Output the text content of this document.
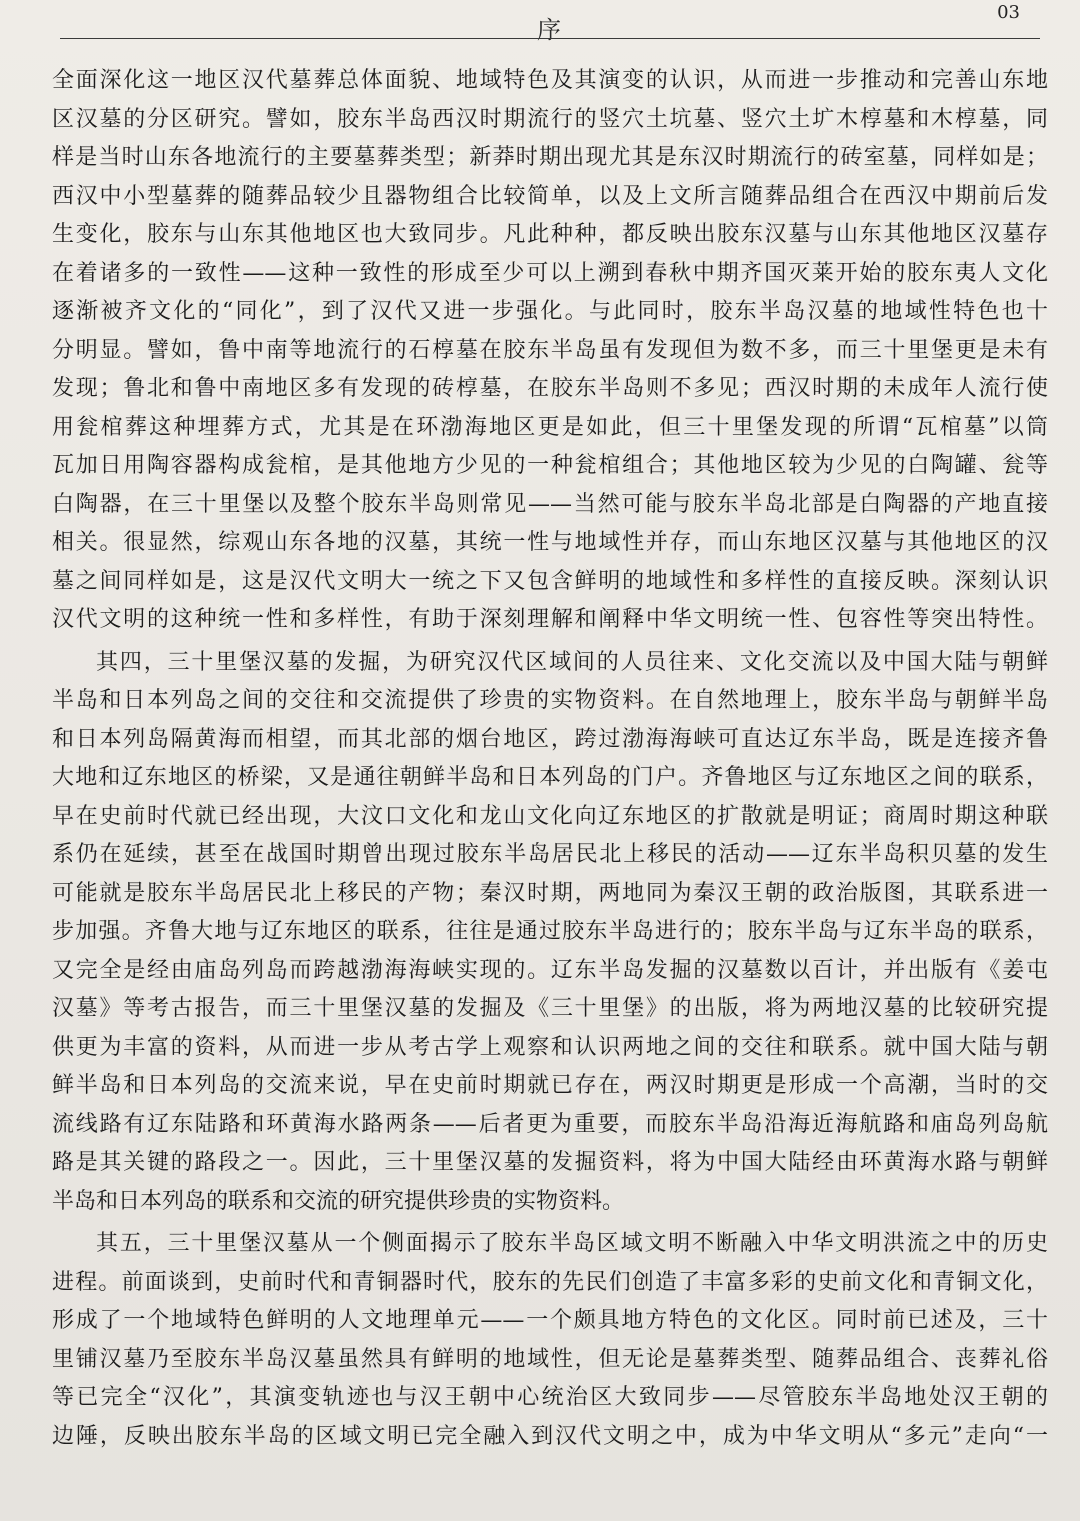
序
03
全面深化这一地区汉代墓葬总体面貌、地域特色及其演变的认识，从而进一步推动和完善山东地
区汉墓的分区研究。譬如，胶东半岛西汉时期流行的竖穴土坑墓、竖穴土圹木椁墓和木椁墓，同
样是当时山东各地流行的主要墓葬类型；新莽时期出现尤其是东汉时期流行的砖室墓，同样如是；
西汉中小型墓葬的随葬品较少且器物组合比较简单，以及上文所言随葬品组合在西汉中期前后发
生变化，胶东与山东其他地区也大致同步。凡此种种，都反映出胶东汉墓与山东其他地区汉墓存
在着诸多的一致性——这种一致性的形成至少可以上溯到春秋中期齐国灭莱开始的胶东夷人文化
逐渐被齐文化的“同化”，到了汉代又进一步强化。与此同时，胶东半岛汉墓的地域性特色也十
分明显。譬如，鲁中南等地流行的石椁墓在胶东半岛虽有发现但为数不多，而三十里堡更是未有
发现；鲁北和鲁中南地区多有发现的砖椁墓，在胶东半岛则不多见；西汉时期的未成年人流行使
用瓮棺葬这种埋葬方式，尤其是在环渤海地区更是如此，但三十里堡发现的所谓“瓦棺墓”以筒
瓦加日用陶容器构成瓮棺，是其他地方少见的一种瓮棺组合；其他地区较为少见的白陶罐、瓮等
白陶器，在三十里堡以及整个胶东半岛则常见——当然可能与胶东半岛北部是白陶器的产地直接
相关。很显然，综观山东各地的汉墓，其统一性与地域性并存，而山东地区汉墓与其他地区的汉
墓之间同样如是，这是汉代文明大一统之下又包含鲜明的地域性和多样性的直接反映。深刻认识
汉代文明的这种统一性和多样性，有助于深刻理解和阐释中华文明统一性、包容性等突出特性。
其四，三十里堡汉墓的发掘，为研究汉代区域间的人员往来、文化交流以及中国大陆与朝鲜
半岛和日本列岛之间的交往和交流提供了珍贵的实物资料。在自然地理上，胶东半岛与朝鲜半岛
和日本列岛隔黄海而相望，而其北部的烟台地区，跨过渤海海峡可直达辽东半岛，既是连接齐鲁
大地和辽东地区的桥梁，又是通往朝鲜半岛和日本列岛的门户。齐鲁地区与辽东地区之间的联系，
早在史前时代就已经出现，大汶口文化和龙山文化向辽东地区的扩散就是明证；商周时期这种联
系仍在延续，甚至在战国时期曾出现过胶东半岛居民北上移民的活动——辽东半岛积贝墓的发生
可能就是胶东半岛居民北上移民的产物；秦汉时期，两地同为秦汉王朝的政治版图，其联系进一
步加强。齐鲁大地与辽东地区的联系，往往是通过胶东半岛进行的；胶东半岛与辽东半岛的联系，
又完全是经由庙岛列岛而跨越渤海海峡实现的。辽东半岛发掘的汉墓数以百计，并出版有《姜屯
汉墓》等考古报告，而三十里堡汉墓的发掘及《三十里堡》的出版，将为两地汉墓的比较研究提
供更为丰富的资料，从而进一步从考古学上观察和认识两地之间的交往和联系。就中国大陆与朝
鲜半岛和日本列岛的交流来说，早在史前时期就已存在，两汉时期更是形成一个高潮，当时的交
流线路有辽东陆路和环黄海水路两条——后者更为重要，而胶东半岛沿海近海航路和庙岛列岛航
路是其关键的路段之一。因此，三十里堡汉墓的发掘资料，将为中国大陆经由环黄海水路与朝鲜
半岛和日本列岛的联系和交流的研究提供珍贵的实物资料。
其五，三十里堡汉墓从一个侧面揭示了胶东半岛区域文明不断融入中华文明洪流之中的历史
进程。前面谈到，史前时代和青铜器时代，胶东的先民们创造了丰富多彩的史前文化和青铜文化，
形成了一个地域特色鲜明的人文地理单元——一个颇具地方特色的文化区。同时前已述及，三十
里铺汉墓乃至胶东半岛汉墓虽然具有鲜明的地域性，但无论是墓葬类型、随葬品组合、丧葬礼俗
等已完全“汉化”，其演变轨迹也与汉王朝中心统治区大致同步——尽管胶东半岛地处汉王朝的
边陲，反映出胶东半岛的区域文明已完全融入到汉代文明之中，成为中华文明从“多元”走向“一
